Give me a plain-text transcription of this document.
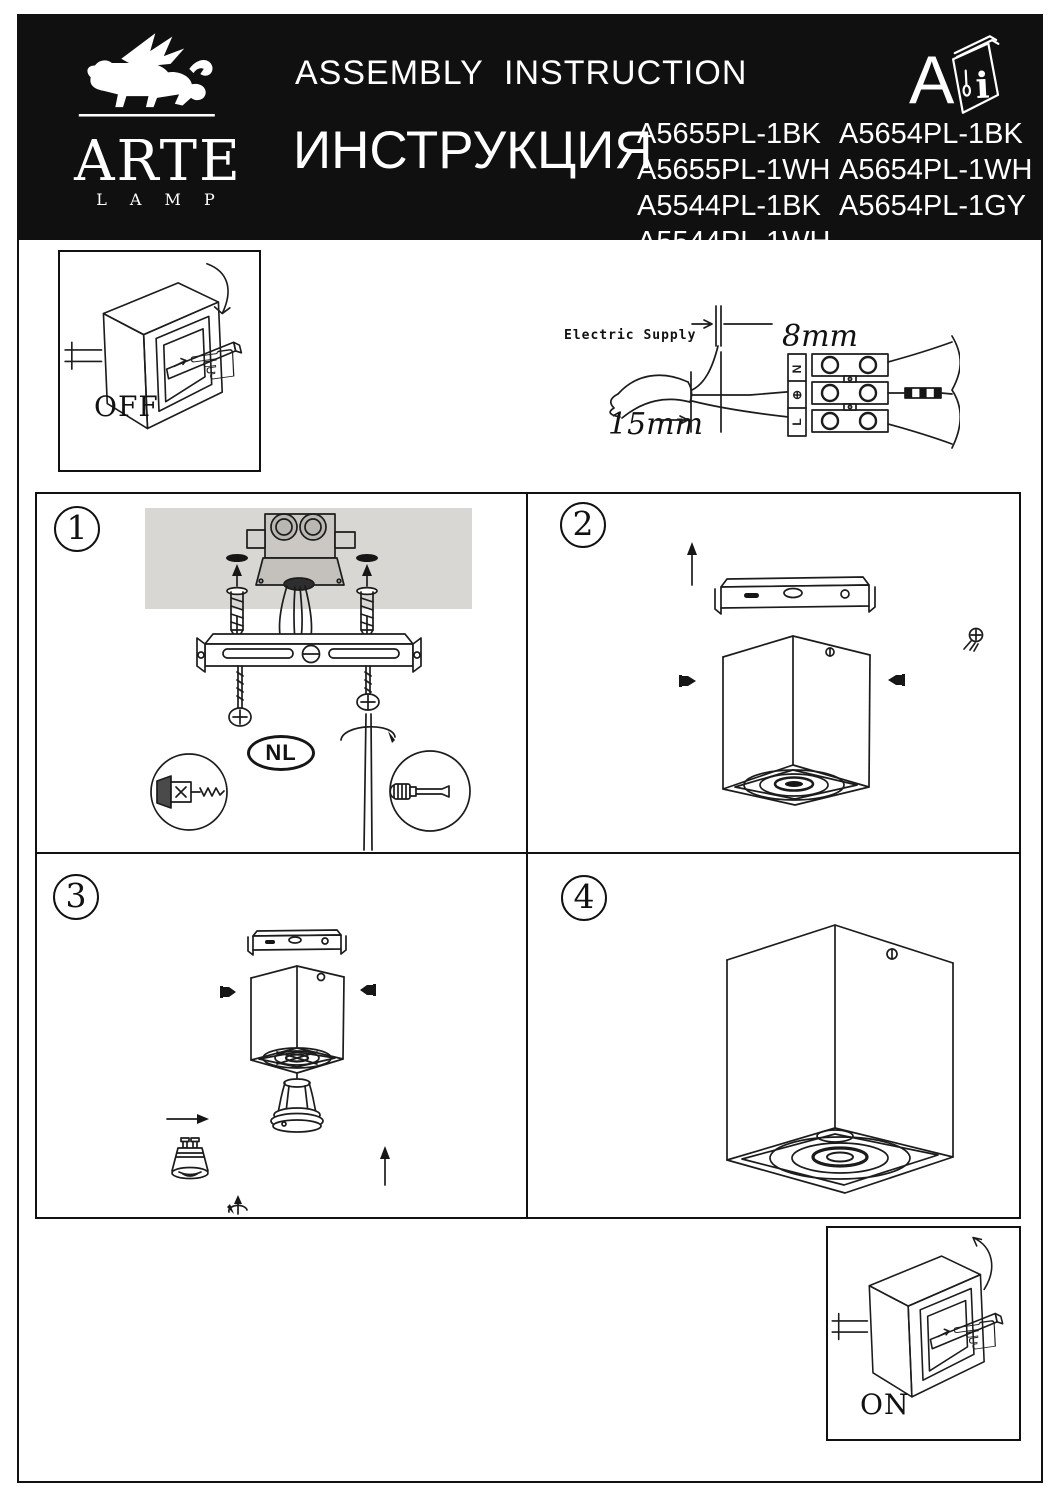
ARTE
L A M P
ASSEMBLY  INSTRUCTION
ИНСТРУКЦИЯ
A5655PL-1BK
A5655PL-1WH
A5544PL-1BK
A5544PL-1WH
A5654PL-1BK
A5654PL-1WH
A5654PL-1GY
A i
☜
OFF
Electric Supply	8mm
15mm
N
⊕
L
1
NL
2
3	4
☜
ON
